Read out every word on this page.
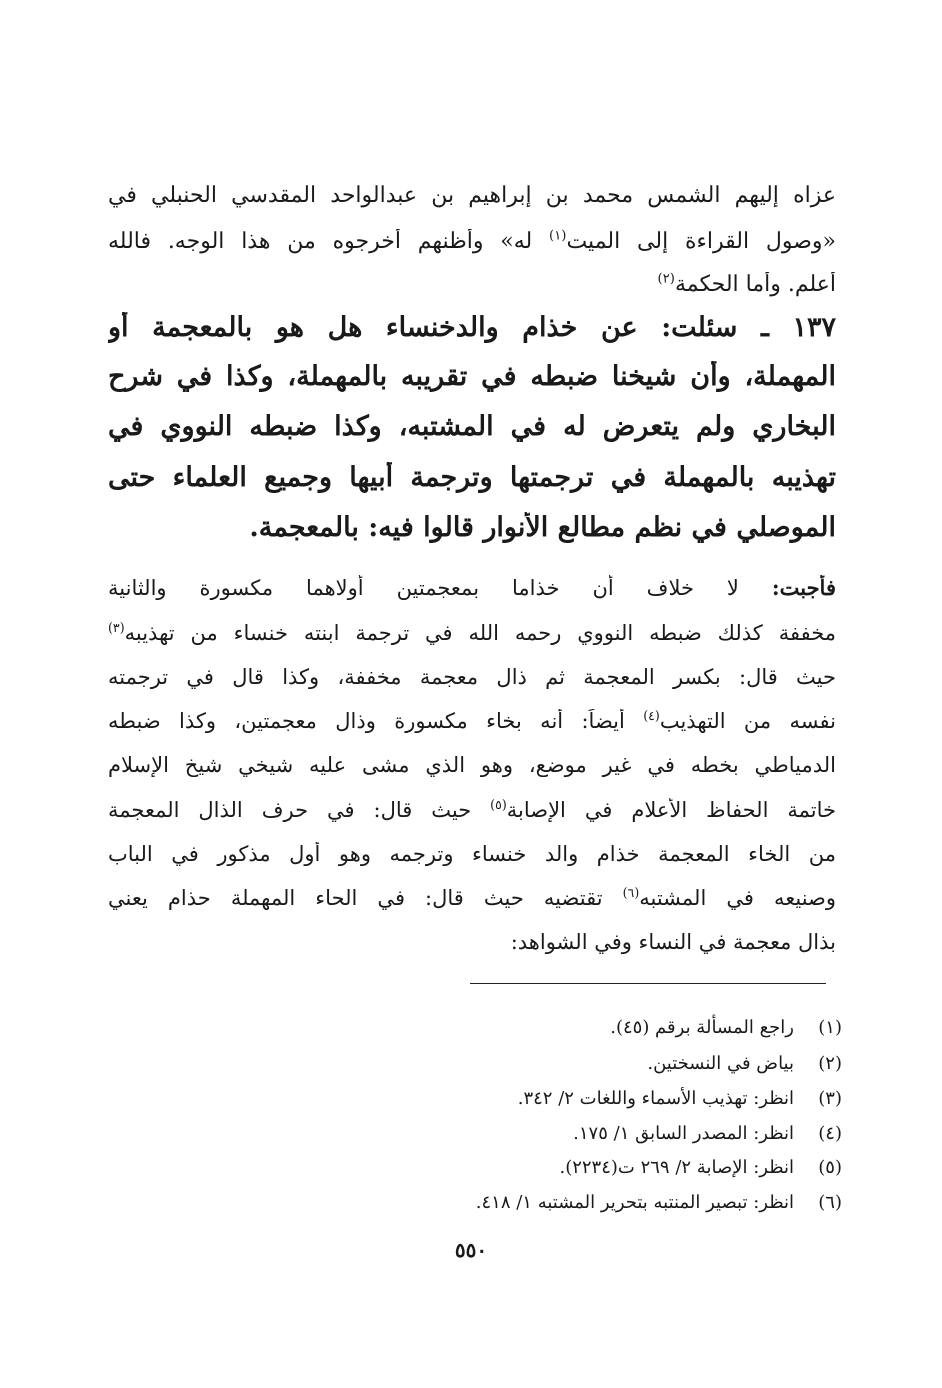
عزاه إليهم الشمس محمد بن إبراهيم بن عبدالواحد المقدسي الحنبلي في
«وصول القراءة إلى الميت$^{(١)}$ له» وأظنهم أخرجوه من هذا الوجه. فالله
أعلم. وأما الحكمة$^{(٢)}$
١٣٧ ـ سئلت: عن خذام والدخنساء هل هو بالمعجمة أو
المهملة، وأن شيخنا ضبطه في تقريبه بالمهملة، وكذا في شرح
البخاري ولم يتعرض له في المشتبه، وكذا ضبطه النووي في
تهذيبه بالمهملة في ترجمتها وترجمة أبيها وجميع العلماء حتى
الموصلي في نظم مطالع الأنوار قالوا فيه: بالمعجمة.
فأجبت: لا خلاف أن خذاما بمعجمتين أولاهما مكسورة والثانية
مخففة كذلك ضبطه النووي رحمه الله في ترجمة ابنته خنساء من تهذيبه$^{(٣)}$
حيث قال: بكسر المعجمة ثم ذال معجمة مخففة، وكذا قال في ترجمته
نفسه من التهذيب$^{(٤)}$ أيضاً: أنه بخاء مكسورة وذال معجمتين، وكذا ضبطه
الدمياطي بخطه في غير موضع، وهو الذي مشى عليه شيخي شيخ الإسلام
خاتمة الحفاظ الأعلام في الإصابة$^{(٥)}$ حيث قال: في حرف الذال المعجمة
من الخاء المعجمة خذام والد خنساء وترجمه وهو أول مذكور في الباب
وصنيعه في المشتبه$^{(٦)}$ تقتضيه حيث قال: في الحاء المهملة حذام يعني
بذال معجمة في النساء وفي الشواهد:
(١)راجع المسألة برقم (٤٥).
(٢)بياض في النسختين.
(٣)انظر: تهذيب الأسماء واللغات ٢/ ٣٤٢.
(٤)انظر: المصدر السابق ١/ ١٧٥.
(٥)انظر: الإصابة ٢/ ٢٦٩ ت(٢٢٣٤).
(٦)انظر: تبصير المنتبه بتحرير المشتبه ١/ ٤١٨.
٥٥٠
